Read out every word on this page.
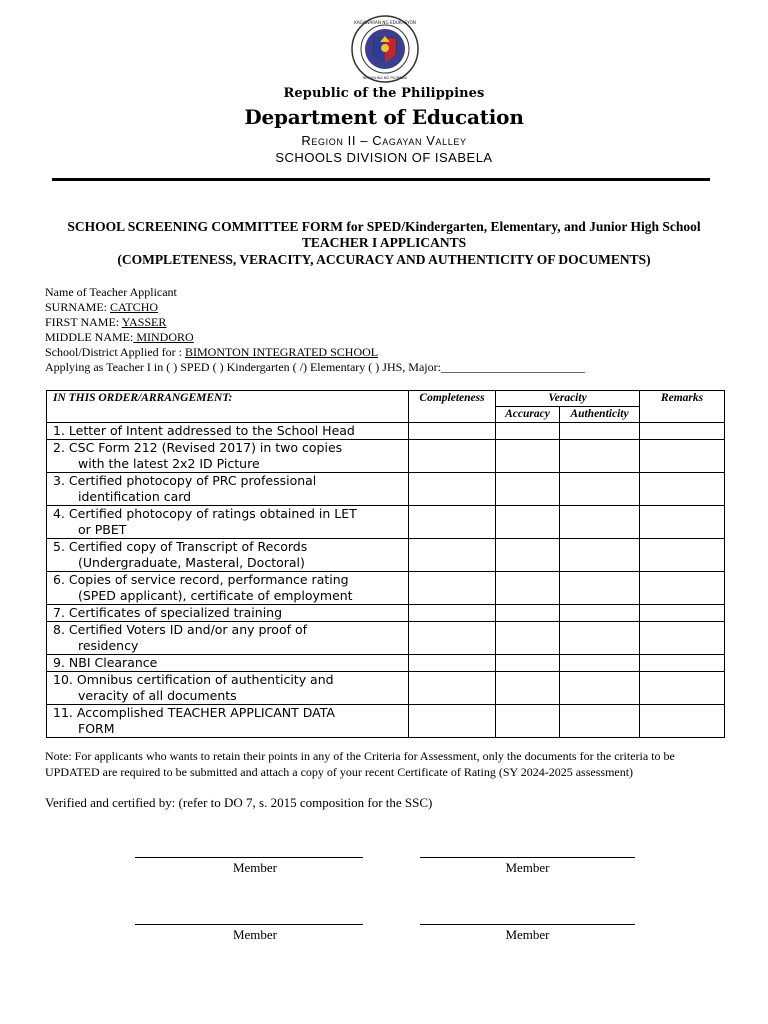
KAGAWARAN NG EDUKASYON
REPUBLIKA NG PILIPINAS
Republic of the Philippines
Department of Education
Region II – Cagayan Valley
SCHOOLS DIVISION OF ISABELA
SCHOOL SCREENING COMMITTEE FORM for SPED/Kindergarten, Elementary, and Junior High School
TEACHER I APPLICANTS
(COMPLETENESS, VERACITY, ACCURACY AND AUTHENTICITY OF DOCUMENTS)
Name of Teacher Applicant
SURNAME: CATCHO
FIRST NAME: YASSER
MIDDLE NAME: MINDORO
School/District Applied for : BIMONTON INTEGRATED SCHOOL
Applying as Teacher I in ( ) SPED ( ) Kindergarten ( /) Elementary ( ) JHS, Major:________________________
IN THIS ORDER/ARRANGEMENT:	Completeness	Veracity		Remarks
		Accuracy	Authenticity	
1. Letter of Intent addressed to the School Head				
2. CSC Form 212 (Revised 2017) in two copies
with the latest 2x2 ID Picture				

3. Certified photocopy of PRC professional
identification card				

4. Certified photocopy of ratings obtained in LET
or PBET				

5. Certified copy of Transcript of Records
(Undergraduate, Masteral, Doctoral)				

6. Copies of service record, performance rating
(SPED applicant), certificate of employment				

7. Certificates of specialized training				
8. Certified Voters ID and/or any proof of
residency				

9. NBI Clearance				
10. Omnibus certification of authenticity and
veracity of all documents				

11. Accomplished TEACHER APPLICANT DATA
FORM				

Note: For applicants who wants to retain their points in any of the Criteria for Assessment, only the documents for the criteria to be UPDATED are required to be submitted and attach a copy of your recent Certificate of Rating (SY 2024-2025 assessment)
Verified and certified by: (refer to DO 7, s. 2015 composition for the SSC)
Member	Member
Member	Member
